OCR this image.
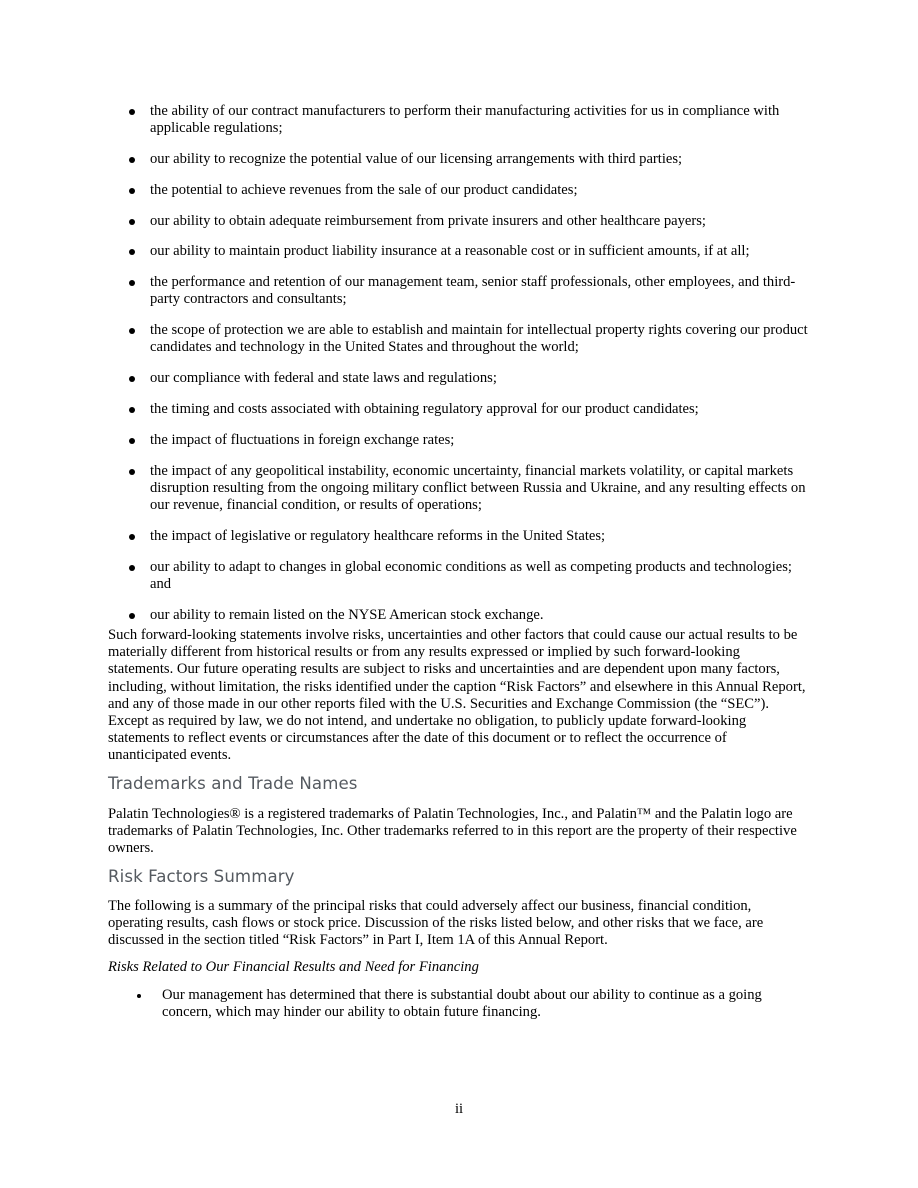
the ability of our contract manufacturers to perform their manufacturing activities for us in compliance with applicable regulations;
our ability to recognize the potential value of our licensing arrangements with third parties;
the potential to achieve revenues from the sale of our product candidates;
our ability to obtain adequate reimbursement from private insurers and other healthcare payers;
our ability to maintain product liability insurance at a reasonable cost or in sufficient amounts, if at all;
the performance and retention of our management team, senior staff professionals, other employees, and third-party contractors and consultants;
the scope of protection we are able to establish and maintain for intellectual property rights covering our product candidates and technology in the United States and throughout the world;
our compliance with federal and state laws and regulations;
the timing and costs associated with obtaining regulatory approval for our product candidates;
the impact of fluctuations in foreign exchange rates;
the impact of any geopolitical instability, economic uncertainty, financial markets volatility, or capital markets disruption resulting from the ongoing military conflict between Russia and Ukraine, and any resulting effects on our revenue, financial condition, or results of operations;
the impact of legislative or regulatory healthcare reforms in the United States;
our ability to adapt to changes in global economic conditions as well as competing products and technologies; and
our ability to remain listed on the NYSE American stock exchange.
Such forward-looking statements involve risks, uncertainties and other factors that could cause our actual results to be materially different from historical results or from any results expressed or implied by such forward-looking statements. Our future operating results are subject to risks and uncertainties and are dependent upon many factors, including, without limitation, the risks identified under the caption “Risk Factors” and elsewhere in this Annual Report, and any of those made in our other reports filed with the U.S. Securities and Exchange Commission (the “SEC”). Except as required by law, we do not intend, and undertake no obligation, to publicly update forward-looking statements to reflect events or circumstances after the date of this document or to reflect the occurrence of unanticipated events.
Trademarks and Trade Names
Palatin Technologies® is a registered trademarks of Palatin Technologies, Inc., and Palatin™ and the Palatin logo are trademarks of Palatin Technologies, Inc. Other trademarks referred to in this report are the property of their respective owners.
Risk Factors Summary
The following is a summary of the principal risks that could adversely affect our business, financial condition, operating results, cash flows or stock price. Discussion of the risks listed below, and other risks that we face, are discussed in the section titled “Risk Factors” in Part I, Item 1A of this Annual Report.
Risks Related to Our Financial Results and Need for Financing
Our management has determined that there is substantial doubt about our ability to continue as a going concern, which may hinder our ability to obtain future financing.
ii
